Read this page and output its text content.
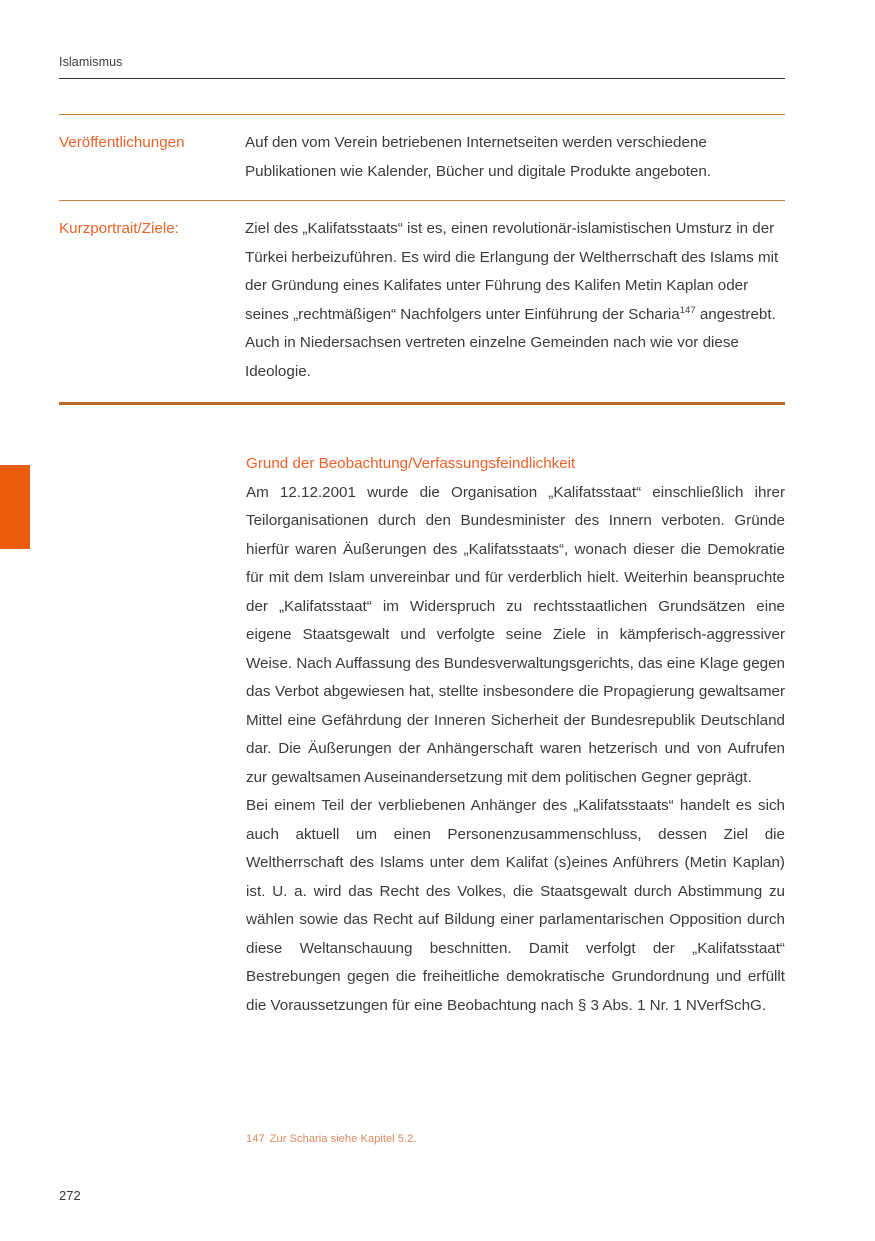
Islamismus
Veröffentlichungen	Auf den vom Verein betriebenen Internetseiten werden verschiedene Publikationen wie Kalender, Bücher und digitale Produkte angeboten.
Kurzportrait/Ziele:	Ziel des „Kalifatsstaats“ ist es, einen revolutionär-islamistischen Umsturz in der Türkei herbeizuführen. Es wird die Erlangung der Weltherrschaft des Islams mit der Gründung eines Kalifates unter Führung des Kalifen Metin Kaplan oder seines „rechtmäßigen“ Nachfolgers unter Einführung der Scharia$^{147}$ angestrebt. Auch in Niedersachsen vertreten einzelne Gemeinden nach wie vor diese Ideologie.
Grund der Beobachtung/Verfassungsfeindlichkeit

Am 12.12.2001 wurde die Organisation „Kalifatsstaat“ einschließlich ihrer Teilorganisationen durch den Bundesminister des Innern verboten. Gründe hierfür waren Äußerungen des „Kalifatsstaats“, wonach dieser die Demokratie für mit dem Islam unvereinbar und für verderblich hielt. Weiterhin beanspruchte der „Kalifatsstaat“ im Widerspruch zu rechtsstaatlichen Grundsätzen eine eigene Staatsgewalt und verfolgte seine Ziele in kämpferisch-aggressiver Weise. Nach Auffassung des Bundesverwaltungsgerichts, das eine Klage gegen das Verbot abgewiesen hat, stellte insbesondere die Propagierung gewaltsamer Mittel eine Gefährdung der Inneren Sicherheit der Bundesrepublik Deutschland dar. Die Äußerungen der Anhängerschaft waren hetzerisch und von Aufrufen zur gewaltsamen Auseinandersetzung mit dem politischen Gegner geprägt.

Bei einem Teil der verbliebenen Anhänger des „Kalifatsstaats“ handelt es sich auch aktuell um einen Personenzusammenschluss, dessen Ziel die Weltherrschaft des Islams unter dem Kalifat (s)eines Anführers (Metin Kaplan) ist. U. a. wird das Recht des Volkes, die Staatsgewalt durch Abstimmung zu wählen sowie das Recht auf Bildung einer parlamentarischen Opposition durch diese Weltanschauung beschnitten. Damit verfolgt der „Kalifatsstaat“ Bestrebungen gegen die freiheitliche demokratische Grundordnung und erfüllt die Voraussetzungen für eine Beobachtung nach § 3 Abs. 1 Nr. 1 NVerfSchG.

147 Zur Scharia siehe Kapitel 5.2.
272
